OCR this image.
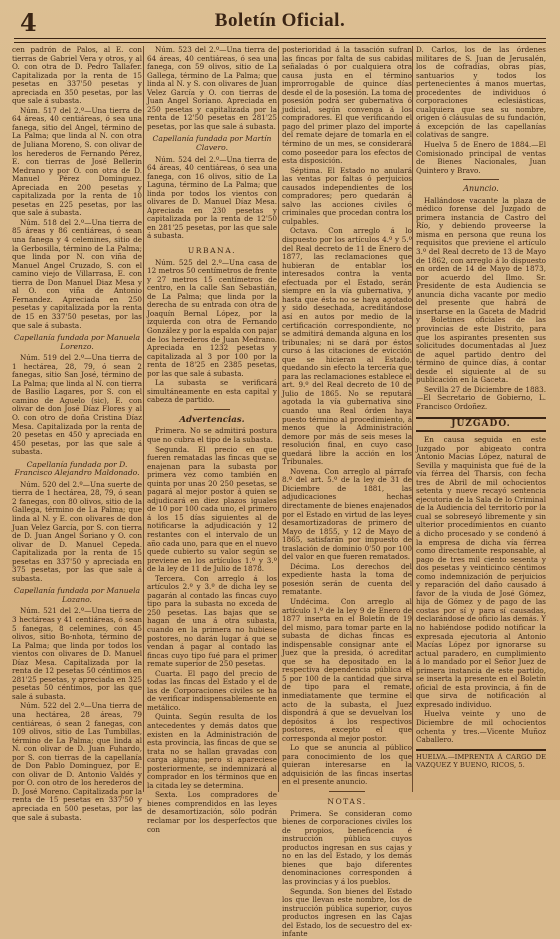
4	Boletín Oficial.

cen padrón de Palos, al E. con tierras de Gabriel Vera y otros, y al O. con otra de D. Pedro Tallafer. Capitalizada por la renta de 15 pesetas en 337'50 pesetas y apreciada en 350 pesetas, por las que sale á subasta.

Núm. 517 del 2.º—Una tierra de 64 áreas, 40 centiáreas, ó sea una fanega, sitio del Angel, término de La Palma; que linda al N. con otra de Juliana Moreno, S. con olivar de los herederos de Fernando Pérez, E. con tierras de José Bellerin Medrano y por O. con otra de D. Manuel Pérez Dominguez. Apreciada en 200 pesetas y capitalizada por la renta de 10 pesetas en 225 pesetas, por las que sale á subasta.

Núm. 518 del 2.º—Una tierra de 85 áreas y 86 centiáreas, ó sean una fanega y 4 celemines, sitio de la Gerbosilla, término de La Palma; que linda por N. con viña de Manuel Angel Cruzado, S. con el camino viejo de Villarrasa, E. con tierra de Don Manuel Diaz Mesa y al O. con viña de Antonio Fernandez. Apreciada en 250 pesetas y capitalizada por la renta de 15 en 337'50 pesetas, por las que sale á subasta.

Capellanía fundada por Manuela Lorenzo.

Núm. 519 del 2.º—Una tierra de 1 hectárea, 28, 79, ó sean 2 fanegas, sitio San José, término de La Palma; que linda al N. con tierra de Basilio Lagares, por S. con el camino de Aguelo (sic), E. con olivar de don José Díaz Flores y al O. con otro de doña Cristina Díaz Mesa. Capitalizada por la renta de 20 pesetas en 450 y apreciada en 450 pesetas, por las que sale á subasta.

Capellanía fundada por D. Francisco Alejandro Maldonado.

Núm. 520 del 2.º—Una suerte de tierra de 1 hectárea, 28, 79, ó sean 2 fanegas, con 80 olivos, sitio de la Gallega, término de La Palma; que linda al N. y E. con olivares de don Juan Velez García, por S. con tierra de D. Juan Angel Soriano y O. con olivar de D. Manuel Cepeda. Capitalizada por la renta de 15 pesetas en 337'50 y apreciada en 375 pesetas, por las que sale á subasta.

Capellanía fundada por Manuela Lozano.

Núm. 521 del 2.º—Una tierra de 3 hectáreas y 41 centiáreas, ó sean 5 fanegas, 8 celemines, con 45 olivos, sitio Bo-nhota, término de La Palma; que linda por todos los vientos con olivares de D. Manuel Díaz Mesa. Capitalizada por la renta de 12 pesetas 50 céntimos en 281'25 pesetas, y apreciada en 325 pesetas 50 céntimos, por las que sale á subasta.

Núm. 522 del 2.º—Una tierra de una hectárea, 28 áreas, 79 centiáreas, ó sean 2 fanegas, con 109 olivos, sitio de Las Tumbillas, término de La Palma; que linda al N. con olivar de D. Juan Fuhardo, por S. con tierras de la capellanía de Don Pablo Dominguez, por E. con olivar de D. Antonio Valdés y por O. con otro de los herederos de D. José Moreno. Capitalizada por la renta de 15 pesetas en 337'50 y apreciada en 500 pesetas, por las que sale á subasta.

Núm. 523 del 2.º—Una tierra de 64 áreas, 40 centiáreas, ó sea una fanega, con 59 olivos, sitio de La Gallega, término de La Palma; que linda al N. y S. con olivares de Juan Velez García y O. con tierras de Juan Angel Soriano. Apreciada en 250 pesetas y capitalizada por la renta de 12'50 pesetas en 281'25 pesetas, por las que sale á subasta.

Capellanía fundada por Martín Clavero.

Núm. 524 del 2.º—Una tierra de 64 áreas, 40 centiáreas, ó sea una fanega, con 16 olivos, sitio de La Laguna, término de La Palma; que linda por todos los vientos con olivares de D. Manuel Díaz Mesa. Apreciada en 230 pesetas y capitalizada por la renta de 12'50 en 281'25 pesetas, por las que sale á subasta.

URBANA.

Núm. 525 del 2.º—Una casa de 12 metros 50 centímetros de frente y 27 metros 15 centímetros de centro, en la calle San Sebastián, de La Palma; que linda por la derecha de su entrada con otra de Joaquín Bernal López, por la izquierda con otra de Fernando González y por la espalda con pajar de los herederos de Juan Medrano. Apreciada en 1232 pesetas y capitalizada al 3 por 100 por la renta de 18'25 en 2385 pesetas, por las que sale á subasta.

La subasta se verificará simultáneamente en esta capital y cabeza de partido.

Advertencias.

Primera. No se admitirá postura que no cubra el tipo de la subasta.

Segunda. El precio en que fueren rematadas las fincas que se enajenan para la subasta por primera vez como también en quinta por unas 20 250 pesetas, se pagará al mejor postor á quien se adjudicará en diez plazos iguales de 10 por 100 cada uno, el primero á los 15 días siguientes al de notificarse la adjudicación y 12 restantes con el intervalo de un año cada uno, para que en el nuevo quede cubierto su valor según se previene en los artículos 1.º y 3.º de la ley de 11 de Julio de 1878.

Tercera. Con arreglo á los artículos 2.º y 3.º de dicha ley se pagarán al contado las fincas cuyo tipo para la subasta no exceda de 250 pesetas. Las bajas que se hagan de una á otra subasta, cuando en la primera no hubiese postores, no darán lugar á que se vendan á pagar al contado las fincas cuyo tipo fué para el primer remate superior de 250 pesetas.

Cuarta. El pago del precio de todas las fincas del Estado y el de las de Corporaciones civiles se ha de verificar indispensablemente en metálico.

Quinta. Según resulta de los antecedentes y demás datos que existen en la Administración de esta provincia, las fincas de que se trata no se hallan gravadas con carga alguna; pero si apareciese posteriormente, se indemnizará al comprador en los términos que en la citada ley se determina.

Sexta. Los compradores de bienes comprendidos en las leyes de desamortización, sólo podrán reclamar por los desperfectos que con

posterioridad á la tasación sufran las fincas por falta de sus cabidas señaladas ó por cualquiera otra causa justa en el término improrrogable de quince días desde el de la posesión. La toma de posesión podrá ser gubernativa ó judicial, según convenga á los compradores. El que verificando el pago del primer plazo del importe del remate dejare de tomarla en el término de un mes, se considerará como poseedor para los efectos de esta disposición.

Séptima. El Estado no anulará las ventas por faltas ó perjuicios causados independientes de los compradores; pero quedarán á salvo las acciones civiles ó criminales que procedan contra los culpables.

Octava. Con arreglo á lo dispuesto por los artículos 4.º y 5.º del Real decreto de 11 de Enero de 1877, las reclamaciones que hubieran de entablar los interesados contra la venta efectuada por el Estado, serán siempre en la vía gubernativa, y hasta que ésta no se haya agotado y sido desechada, acreditándose así en autos por medio de la certificación correspondiente, no se admitirá demanda alguna en los tribunales; ni se dará por éstos curso á las citaciones de evicción que se hicieran al Estado, quedando sin efecto la tercería que para las reclamaciones establece el art. 9.º del Real decreto de 10 de Julio de 1865. No se reputará agotada la vía gubernativa sino cuando una Real órden haya puesto término al procedimiento, á menos que la Administración demore por más de seis meses la resolución final, en cuyo caso quedará libre la acción en los Tribunales.

Novena. Con arreglo al párrafo 8.º del art. 5.º de la ley de 31 de Diciembre de 1881, las adjudicaciones hechas directamente de bienes enajenados por el Estado en virtud de las leyes desamortizadoras de primero de Mayo de 1855, y 12 de Mayo de 1865, satisfarán por impuesto de traslación de dominio 0'50 por 100 del valor en que fueren rematados.

Décima. Los derechos del expediente hasta la toma de posesión serán de cuenta del rematante.

Undécima. Con arreglo al artículo 1.º de la ley 9 de Enero de 1877 inserta en el Boletín de 19 del mismo, para tomar parte en la subasta de dichas fincas es indispensable consignar ante el Juez que la presida, ó acreditar que se ha depositado en la respectiva dependencia pública el 5 por 100 de la cantidad que sirva de tipo para el remate, inmediatamente que termine el acto de la subasta, el Juez dispondrá á que se devuelvan los depósitos á los respectivos postores, excepto el que corresponda al mejor postor.

Lo que se anuncia al público para conocimiento de los que quieran interesarse en la adquisición de las fincas insertas en el presente anuncio.

NOTAS.

Primera. Se consideran como bienes de corporaciones civiles los de propios, beneficencia é instrucción pública cuyos productos ingresan en sus cajas y no en las del Estado, y los demás bienes que bajo diferentes denominaciones corresponden á las provincias y á los pueblos.

Segunda. Son bienes del Estado los que llevan este nombre, los de instrucción pública superior, cuyos productos ingresen en las Cajas del Estado, los de secuestro del ex-infante

D. Carlos, los de las órdenes militares de S. Juan de Jerusalén, los de cofradías, obras pías, santuarios y todos los pertenecientes á manos muertas, procedentes de individuos ó corporaciones eclesiásticas, cualquiera que sea su nombre, origen ó cláusulas de su fundación, á excepción de las capellanías colativas de sangre.

Huelva 5 de Enero de 1884.—El Comisionado principal de ventas de Bienes Nacionales, Juan Quintero y Bravo.

Anuncio.

Hallándose vacante la plaza de médico forense del Juzgado de primera instancia de Castro del Río, y debiendo proveerse la misma en persona que reuna los requisitos que previene el artículo 3.º del Real decreto de 13 de Mayo de 1862, con arreglo á lo dispuesto en orden de 14 de Mayo de 1873, por acuerdo del Ilmo. Sr. Presidente de esta Audiencia se anuncia dicha vacante por medio del presente que habrá de insertarse en la Gaceta de Madrid y Boletines oficiales de las provincias de este Distrito, para que los aspirantes presenten sus solicitudes documentadas al Juez de aquel partido dentro del término de quince días, á contar desde el siguiente al de su publicación en la Gaceta.

Sevilla 27 de Diciembre de 1883.—El Secretario de Gobierno, L. Francisco Ordoñez.

JUZGADO.

En causa seguida en este Juzgado por abigeato contra Antonio Macias López, natural de Sevilla y maquinista que fué de la vía férrea del Tharsis, con fecha tres de Abril de mil ochocientos setenta y nueve recayó sentencia ejecutoria de la Sala de lo Criminal de la Audiencia del territorio por la cual se sobreseyó libremente y sin ulterior procedimientos en cuanto á dicho procesado y se condenó á la empresa de dicha vía férrea como directamente responsable, al pago de tres mil ciento sesenta y dos pesetas y veinticinco céntimos como indemnización de perjuicios y reparación del daño causado á favor de la viuda de José Gómez, hija de Gómez y de pago de las costas por sí y para sí causadas, declarándose de oficio las demás. Y no habiéndose podido notificar la expresada ejecutoria al Antonio Macías López por ignorarse su actual paradero, en cumplimiento á lo mandado por el Señor Juez de primera instancia de este partido, se inserta la presente en el Boletín oficial de esta provincia, á fin de que sirva de notificación al expresado individuo.

Huelva veinte y uno de Diciembre de mil ochocientos ochenta y tres.—Vicente Muñoz Caballero.

HUELVA.—IMPRENTA Á CARGO DE VAZQUEZ Y BUENO, RICOS, 5.
